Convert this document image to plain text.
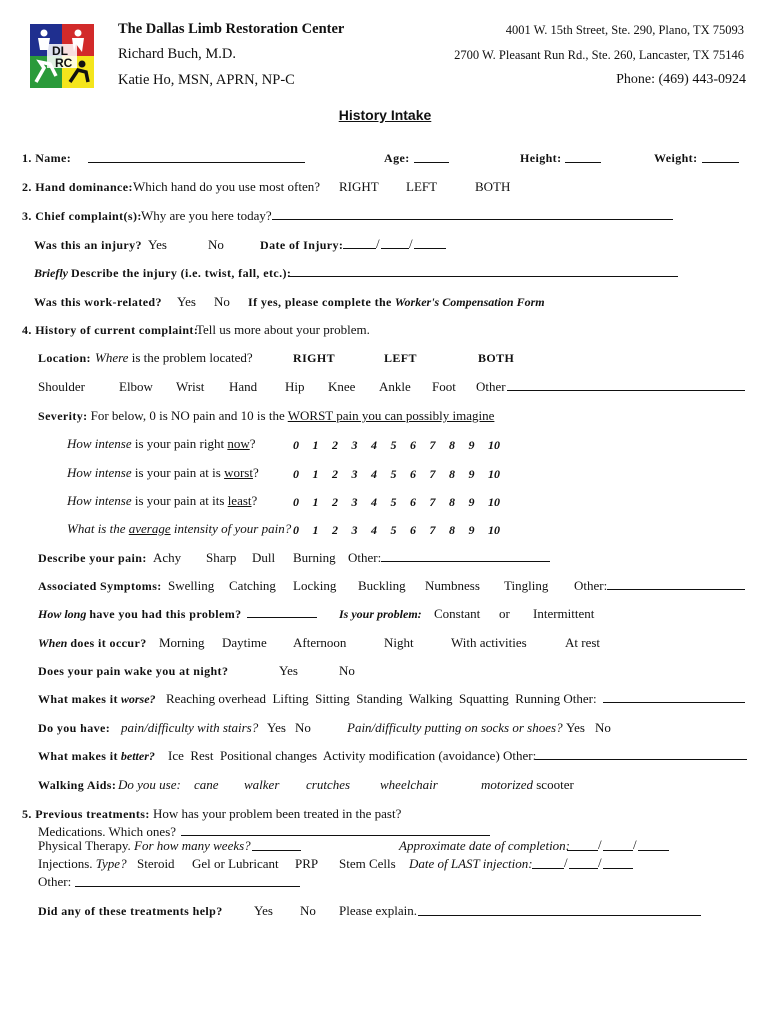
DL
RC
The Dallas Limb Restoration Center
Richard Buch, M.D.
Katie Ho, MSN, APRN, NP-C
4001 W. 15th Street, Ste. 290, Plano, TX 75093
2700 W. Pleasant Run Rd., Ste. 260, Lancaster, TX 75146
Phone: (469) 443-0924
History Intake
1. Name:	Age:	Height:	Weight:
2. Hand dominance: Which hand do you use most often? RIGHT LEFT	BOTH
3. Chief complaint(s): Why are you here today?
Was this an injury? Yes	No	Date of Injury:	/ /
Briefly Describe the injury (i.e. twist, fall, etc.):
Was this work-related? Yes No If yes, please complete the Worker's Compensation Form
4. History of current complaint:
Tell us more about your problem.
Location: Where is the problem located?	RIGHT	LEFT	BOTH
Shoulder	Elbow Wrist Hand Hip Knee Ankle Foot Other
Severity: For below, 0 is NO pain and 10 is the WORST pain you can possibly imagine
How intense is your pain right now?	0 1 2 3 4 5 6 7 8 9 10
How intense is your pain at is worst?	0 1 2 3 4 5 6 7 8 9 10
How intense is your pain at its least?	0 1 2 3 4 5 6 7 8 9 10
What is the average intensity of your pain? 0 1 2 3 4 5 6 7 8 9 10
Describe your pain: Achy Sharp Dull Burning Other:
Associated Symptoms: Swelling Catching Locking Buckling Numbness Tingling Other:
How long have you had this problem?	Is your problem: Constant or Intermittent
When does it occur? Morning Daytime Afternoon	Night	With activities	At rest
Does your pain wake you at night?	Yes	No
What makes it worse? Reaching overhead  Lifting  Sitting  Standing  Walking  Squatting  Running Other:
Do you have: pain/difficulty with stairs? Yes No	Pain/difficulty putting on socks or shoes? Yes No
What makes it better? Ice  Rest  Positional changes  Activity modification (avoidance) Other:
Walking Aids: Do you use: cane walker crutches wheelchair	motorized scooter
5. Previous treatments: How has your problem been treated in the past?
Medications. Which ones?
Physical Therapy. For how many weeks?	Approximate date of completion: / /
Injections. Type? Steroid Gel or Lubricant PRP Stem Cells Date of LAST injection: / /
Other:
Did any of these treatments help? Yes No Please explain.
